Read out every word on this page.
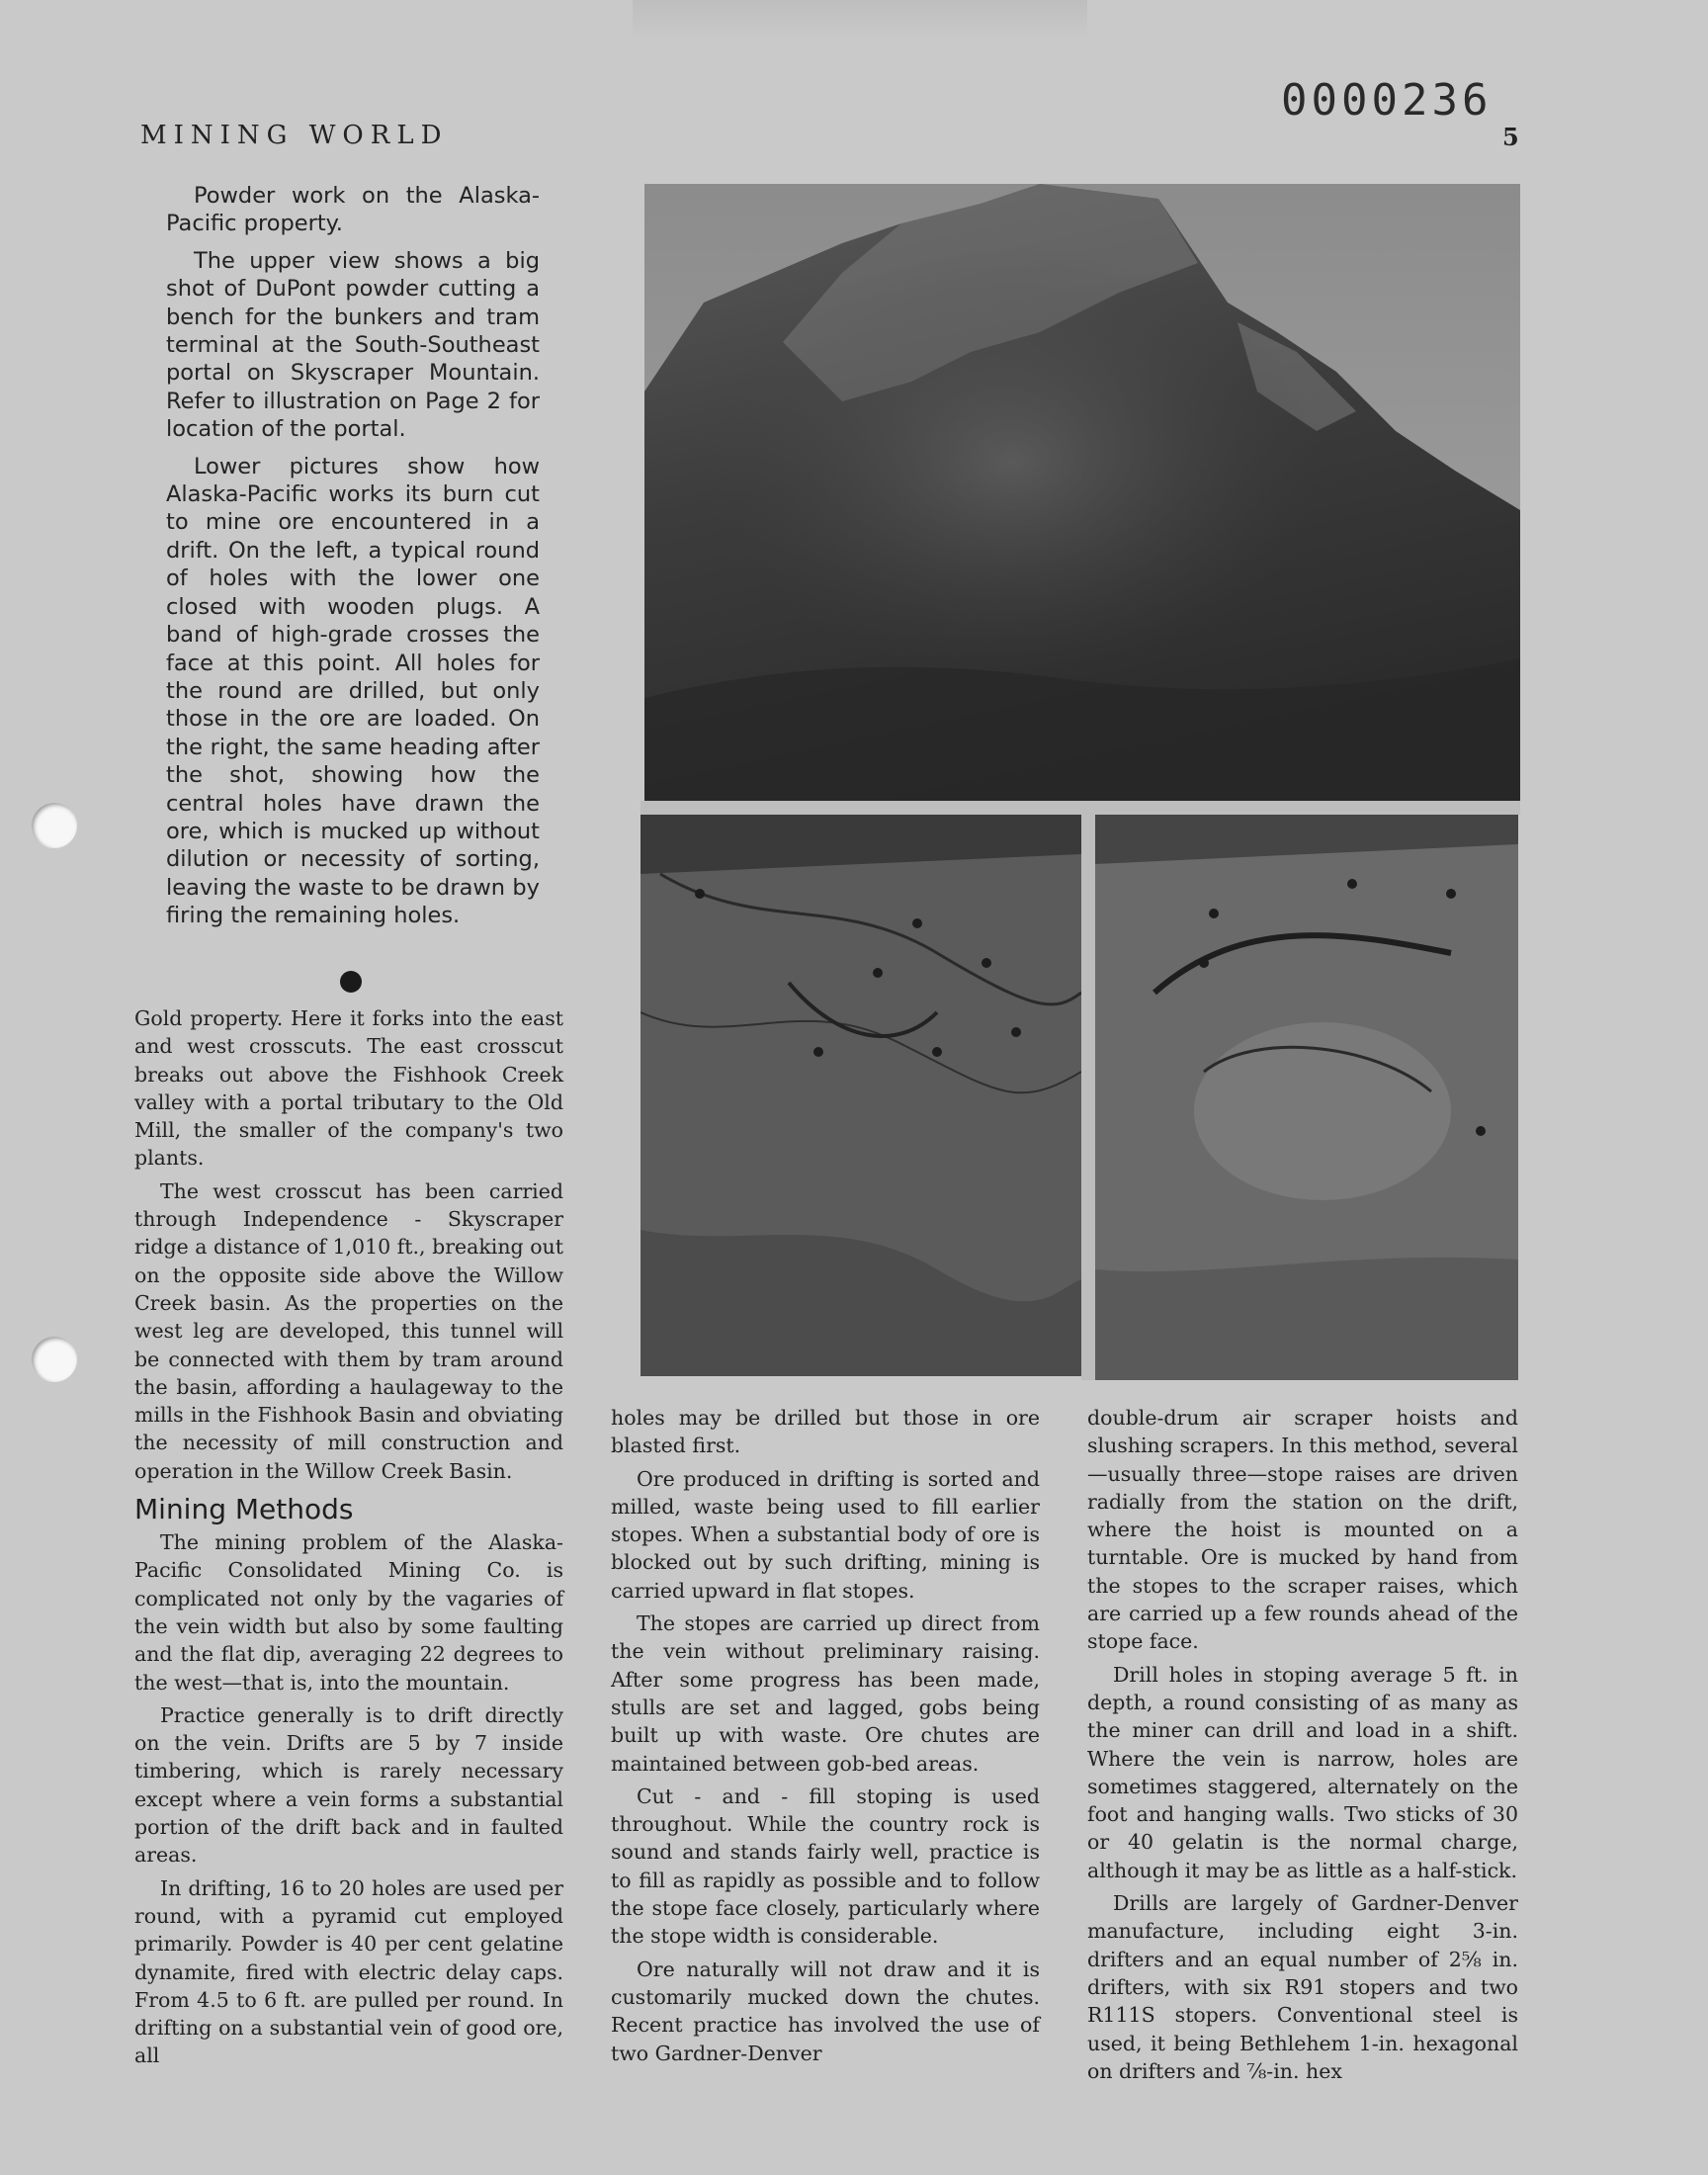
0000236
MINING WORLD	5

Powder work on the Alaska-Pacific property.

The upper view shows a big shot of DuPont powder cutting a bench for the bunkers and tram terminal at the South-Southeast portal on Skyscraper Mountain. Refer to illustration on Page 2 for location of the portal.

Lower pictures show how Alaska-Pacific works its burn cut to mine ore encountered in a drift. On the left, a typical round of holes with the lower one closed with wooden plugs. A band of high-grade crosses the face at this point. All holes for the round are drilled, but only those in the ore are loaded. On the right, the same heading after the shot, showing how the central holes have drawn the ore, which is mucked up without dilution or necessity of sorting, leaving the waste to be drawn by firing the remaining holes.

Gold property. Here it forks into the east and west crosscuts. The east crosscut breaks out above the Fishhook Creek valley with a portal tributary to the Old Mill, the smaller of the company's two plants.

The west crosscut has been carried through Independence - Skyscraper ridge a distance of 1,010 ft., breaking out on the opposite side above the Willow Creek basin. As the properties on the west leg are developed, this tunnel will be connected with them by tram around the basin, affording a haulageway to the mills in the Fishhook Basin and obviating the necessity of mill construction and operation in the Willow Creek Basin.

Mining Methods

The mining problem of the Alaska-Pacific Consolidated Mining Co. is complicated not only by the vagaries of the vein width but also by some faulting and the flat dip, averaging 22 degrees to the west—that is, into the mountain.

Practice generally is to drift directly on the vein. Drifts are 5 by 7 inside timbering, which is rarely necessary except where a vein forms a substantial portion of the drift back and in faulted areas.

In drifting, 16 to 20 holes are used per round, with a pyramid cut employed primarily. Powder is 40 per cent gelatine dynamite, fired with electric delay caps. From 4.5 to 6 ft. are pulled per round. In drifting on a substantial vein of good ore, all

holes may be drilled but those in ore blasted first.

Ore produced in drifting is sorted and milled, waste being used to fill earlier stopes. When a substantial body of ore is blocked out by such drifting, mining is carried upward in flat stopes.

The stopes are carried up direct from the vein without preliminary raising. After some progress has been made, stulls are set and lagged, gobs being built up with waste. Ore chutes are maintained between gob-bed areas.

Cut - and - fill stoping is used throughout. While the country rock is sound and stands fairly well, practice is to fill as rapidly as possible and to follow the stope face closely, particularly where the stope width is considerable.

Ore naturally will not draw and it is customarily mucked down the chutes. Recent practice has involved the use of two Gardner-Denver

double-drum air scraper hoists and slushing scrapers. In this method, several—usually three—stope raises are driven radially from the station on the drift, where the hoist is mounted on a turntable. Ore is mucked by hand from the stopes to the scraper raises, which are carried up a few rounds ahead of the stope face.

Drill holes in stoping average 5 ft. in depth, a round consisting of as many as the miner can drill and load in a shift. Where the vein is narrow, holes are sometimes staggered, alternately on the foot and hanging walls. Two sticks of 30 or 40 gelatin is the normal charge, although it may be as little as a half-stick.

Drills are largely of Gardner-Denver manufacture, including eight 3-in. drifters and an equal number of 2⅝ in. drifters, with six R91 stopers and two R111S stopers. Conventional steel is used, it being Bethlehem 1-in. hexagonal on drifters and ⅞-in. hex
